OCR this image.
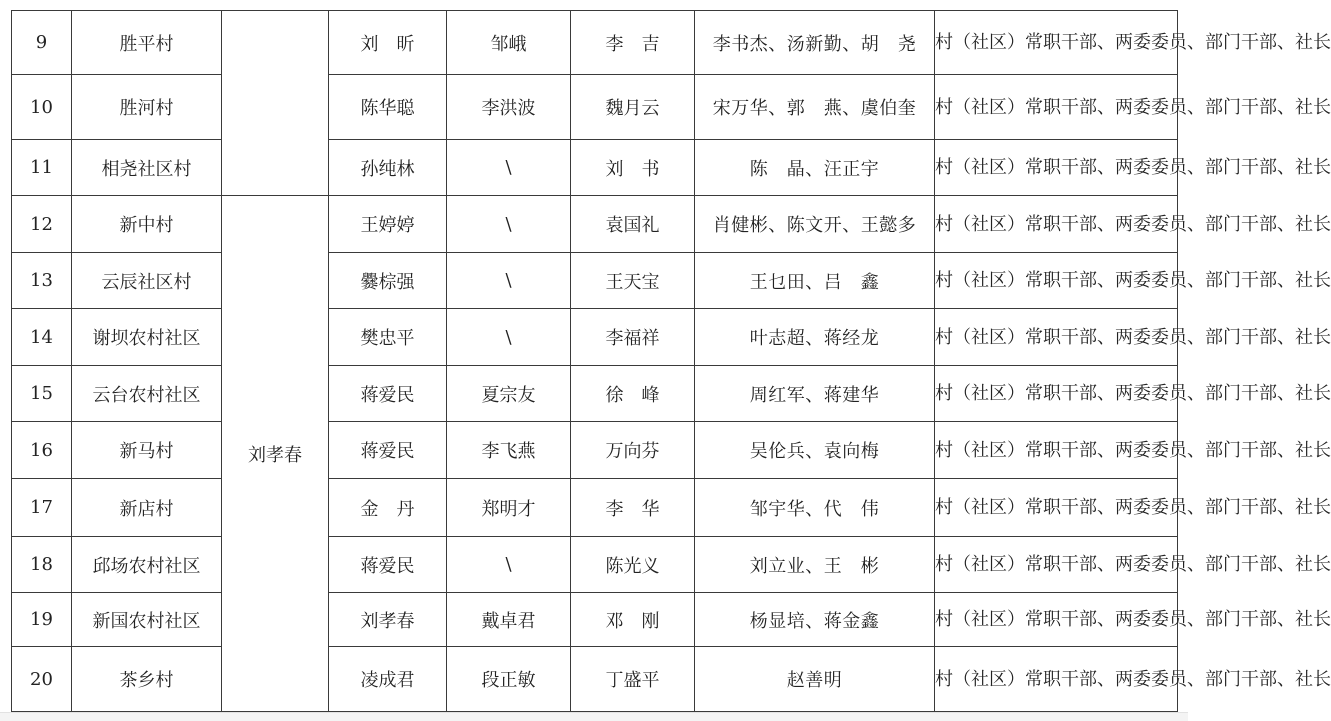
9	胜平村		刘　昕	邹峨	李　吉	李书杰、汤新勤、胡　尧	村（社区）常职干部、两委委员、部门干部、社长
10	胜河村		陈华聪	李洪波	魏月云	宋万华、郭　燕、虞伯奎	村（社区）常职干部、两委委员、部门干部、社长
11	相尧社区村		孙纯林	\	刘　书	陈　晶、汪正宇	村（社区）常职干部、两委委员、部门干部、社长
12	新中村	刘孝春	王婷婷	\	袁国礼	肖健彬、陈文开、王懿多	村（社区）常职干部、两委委员、部门干部、社长
13	云辰社区村		爨棕强	\	王天宝	王乜田、吕　鑫	村（社区）常职干部、两委委员、部门干部、社长
14	谢坝农村社区		樊忠平	\	李福祥	叶志超、蒋经龙	村（社区）常职干部、两委委员、部门干部、社长
15	云台农村社区		蒋爱民	夏宗友	徐　峰	周红军、蒋建华	村（社区）常职干部、两委委员、部门干部、社长
16	新马村		蒋爱民	李飞燕	万向芬	吴伦兵、袁向梅	村（社区）常职干部、两委委员、部门干部、社长
17	新店村		金　丹	郑明才	李　华	邹宇华、代　伟	村（社区）常职干部、两委委员、部门干部、社长
18	邱场农村社区		蒋爱民	\	陈光义	刘立业、王　彬	村（社区）常职干部、两委委员、部门干部、社长
19	新国农村社区		刘孝春	戴卓君	邓　刚	杨显培、蒋金鑫	村（社区）常职干部、两委委员、部门干部、社长
20	茶乡村		凌成君	段正敏	丁盛平	赵善明	村（社区）常职干部、两委委员、部门干部、社长
